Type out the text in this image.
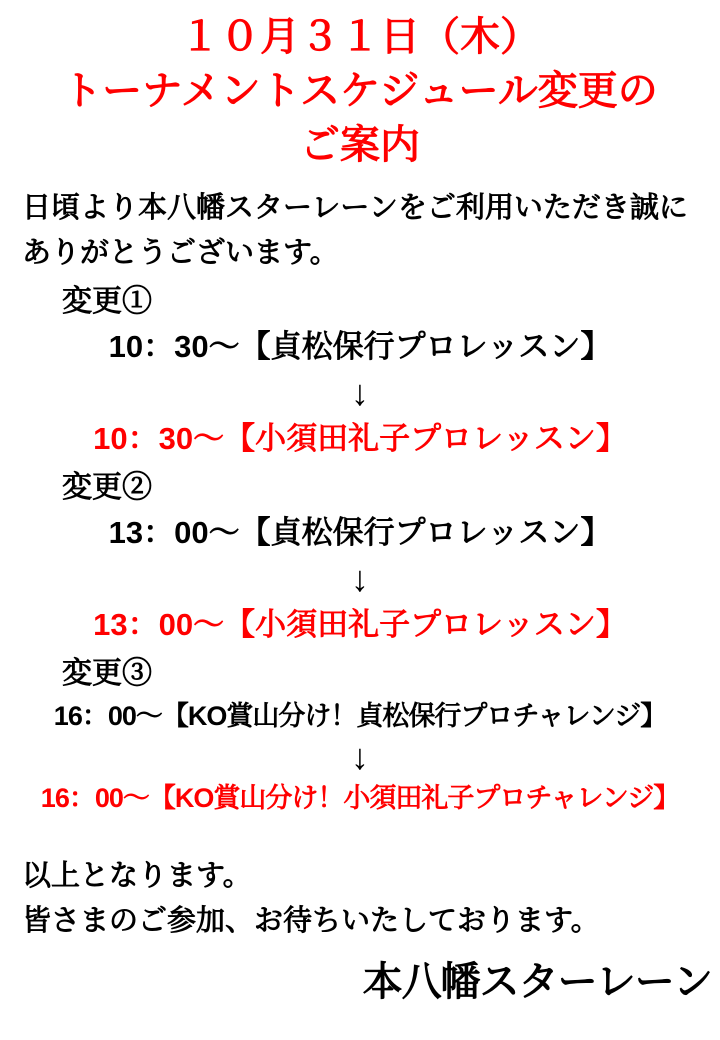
１０月３１日（木）
トーナメントスケジュール変更の
ご案内
日頃より本八幡スターレーンをご利用いただき誠に
ありがとうございます。
変更①
10：30～【貞松保行プロレッスン】
↓
10：30～【小須田礼子プロレッスン】
変更②
13：00～【貞松保行プロレッスン】
↓
13：00～【小須田礼子プロレッスン】
変更③
16：00～【KO賞山分け！貞松保行プロチャレンジ】
↓
16：00～【KO賞山分け！小須田礼子プロチャレンジ】
以上となります。
皆さまのご参加、お待ちいたしております。
本八幡スターレーン
